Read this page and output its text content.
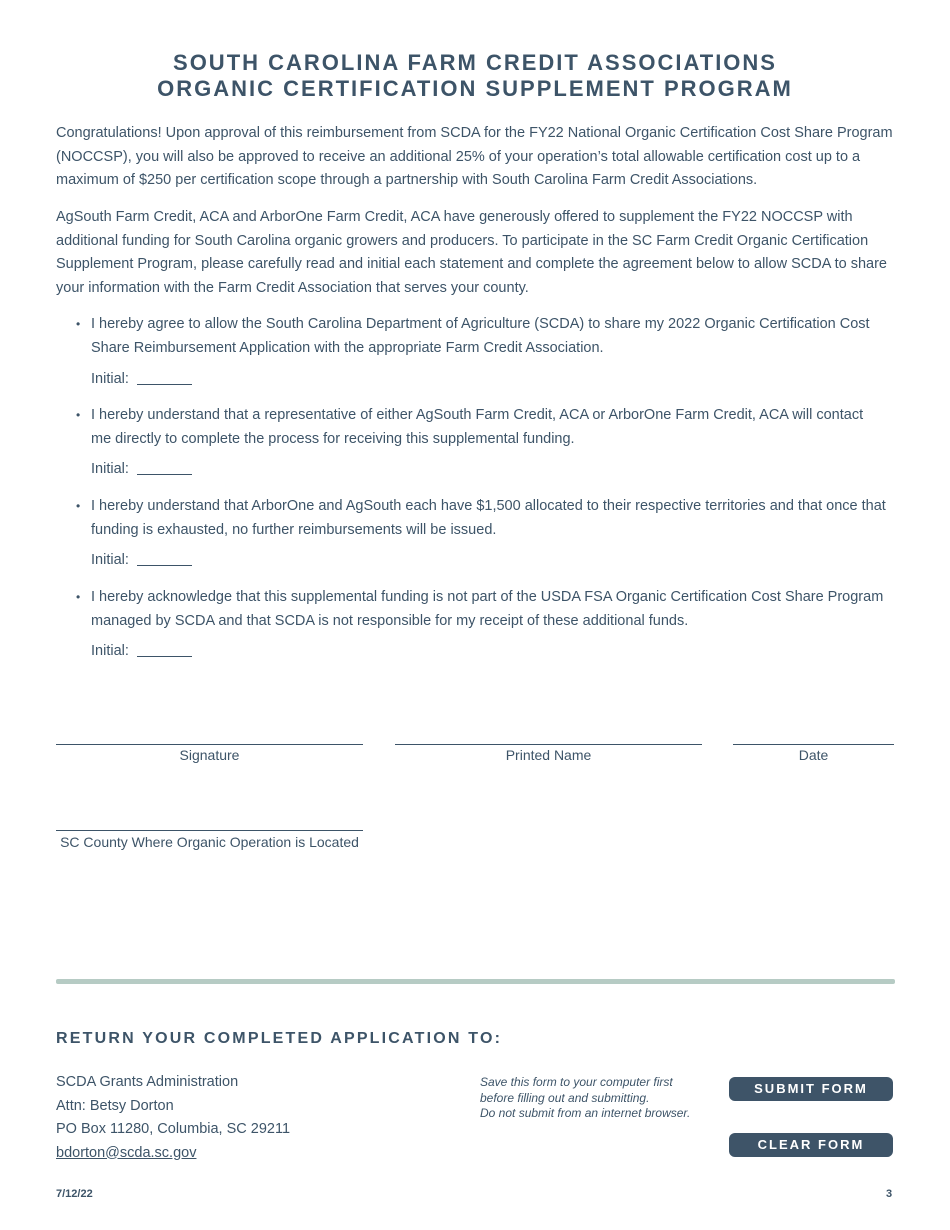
SOUTH CAROLINA FARM CREDIT ASSOCIATIONS
ORGANIC CERTIFICATION SUPPLEMENT PROGRAM

Congratulations! Upon approval of this reimbursement from SCDA for the FY22 National Organic Certification Cost Share Program (NOCCSP), you will also be approved to receive an additional 25% of your operation’s total allowable certification cost up to a maximum of $250 per certification scope through a partnership with South Carolina Farm Credit Associations.

AgSouth Farm Credit, ACA and ArborOne Farm Credit, ACA have generously offered to supplement the FY22 NOCCSP with additional funding for South Carolina organic growers and producers. To participate in the SC Farm Credit Organic Certification Supplement Program, please carefully read and initial each statement and complete the agreement below to allow SCDA to share your information with the Farm Credit Association that serves your county.

• I hereby agree to allow the South Carolina Department of Agriculture (SCDA) to share my 2022 Organic Certification Cost Share Reimbursement Application with the appropriate Farm Credit Association.
Initial:
• I hereby understand that a representative of either AgSouth Farm Credit, ACA or ArborOne Farm Credit, ACA will contact me directly to complete the process for receiving this supplemental funding.
Initial:
• I hereby understand that ArborOne and AgSouth each have $1,500 allocated to their respective territories and that once that funding is exhausted, no further reimbursements will be issued.
Initial:
• I hereby acknowledge that this supplemental funding is not part of the USDA FSA Organic Certification Cost Share Program managed by SCDA and that SCDA is not responsible for my receipt of these additional funds.
Initial:
Signature	Printed Name	Date
SC County Where Organic Operation is Located
RETURN YOUR COMPLETED APPLICATION TO:
SCDA Grants Administration
Attn: Betsy Dorton
PO Box 11280, Columbia, SC 29211
bdorton@scda.sc.gov
Save this form to your computer first
before filling out and submitting.
Do not submit from an internet browser.
SUBMIT FORM
CLEAR FORM
7/12/22	3
